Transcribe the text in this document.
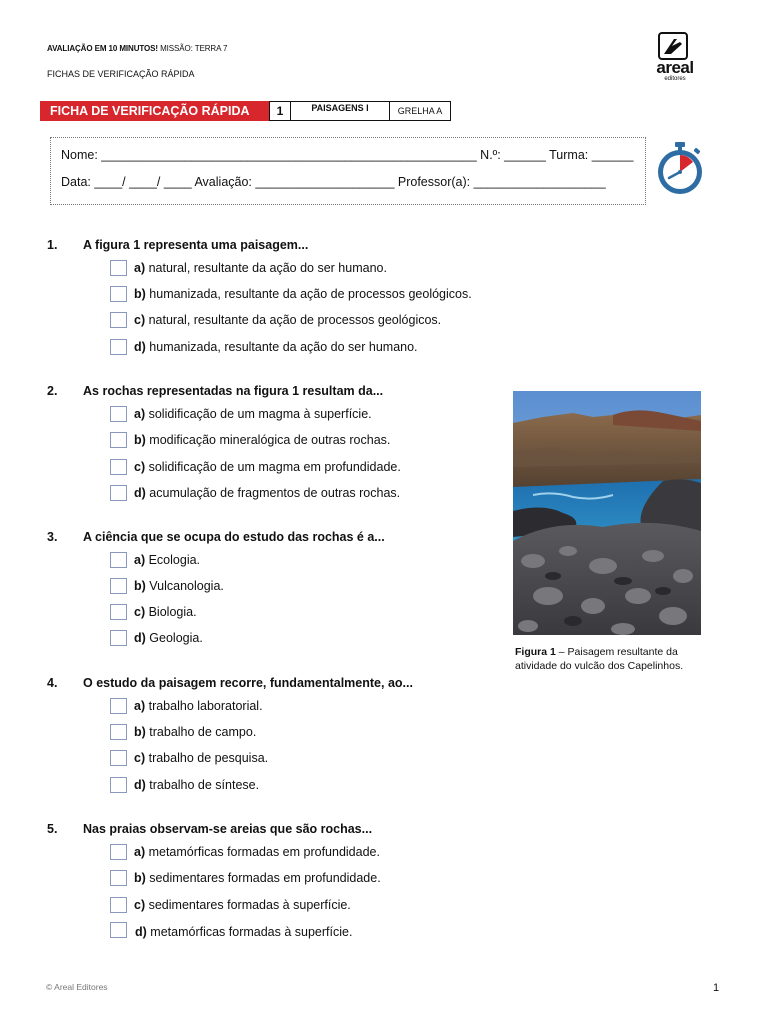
AVALIAÇÃO EM 10 MINUTOS! MISSÃO: TERRA 7
FICHAS DE VERIFICAÇÃO RÁPIDA	areal
editores
FICHA DE VERIFICAÇÃO RÁPIDA	1	PAISAGENS I	GRELHA A
Nome: ______________________________________________________ N.º: ______ Turma: ______
Data: ____/ ____/ ____ Avaliação: ____________________ Professor(a): ___________________
1. A figura 1 representa uma paisagem...
a) natural, resultante da ação do ser humano.
b) humanizada, resultante da ação de processos geológicos.
c) natural, resultante da ação de processos geológicos.
d) humanizada, resultante da ação do ser humano.
2. As rochas representadas na figura 1 resultam da...
a) solidificação de um magma à superfície.
b) modificação mineralógica de outras rochas.
c) solidificação de um magma em profundidade.
d) acumulação de fragmentos de outras rochas.
3. A ciência que se ocupa do estudo das rochas é a...
a) Ecologia.
b) Vulcanologia.
c) Biologia.
d) Geologia.
4. O estudo da paisagem recorre, fundamentalmente, ao...
a) trabalho laboratorial.
b) trabalho de campo.
c) trabalho de pesquisa.
d) trabalho de síntese.
5. Nas praias observam-se areias que são rochas...
a) metamórficas formadas em profundidade.
b) sedimentares formadas em profundidade.
c) sedimentares formadas à superfície.
d) metamórficas formadas à superfície.
Figura 1 – Paisagem resultante da atividade do vulcão dos Capelinhos.
© Areal Editores	1
